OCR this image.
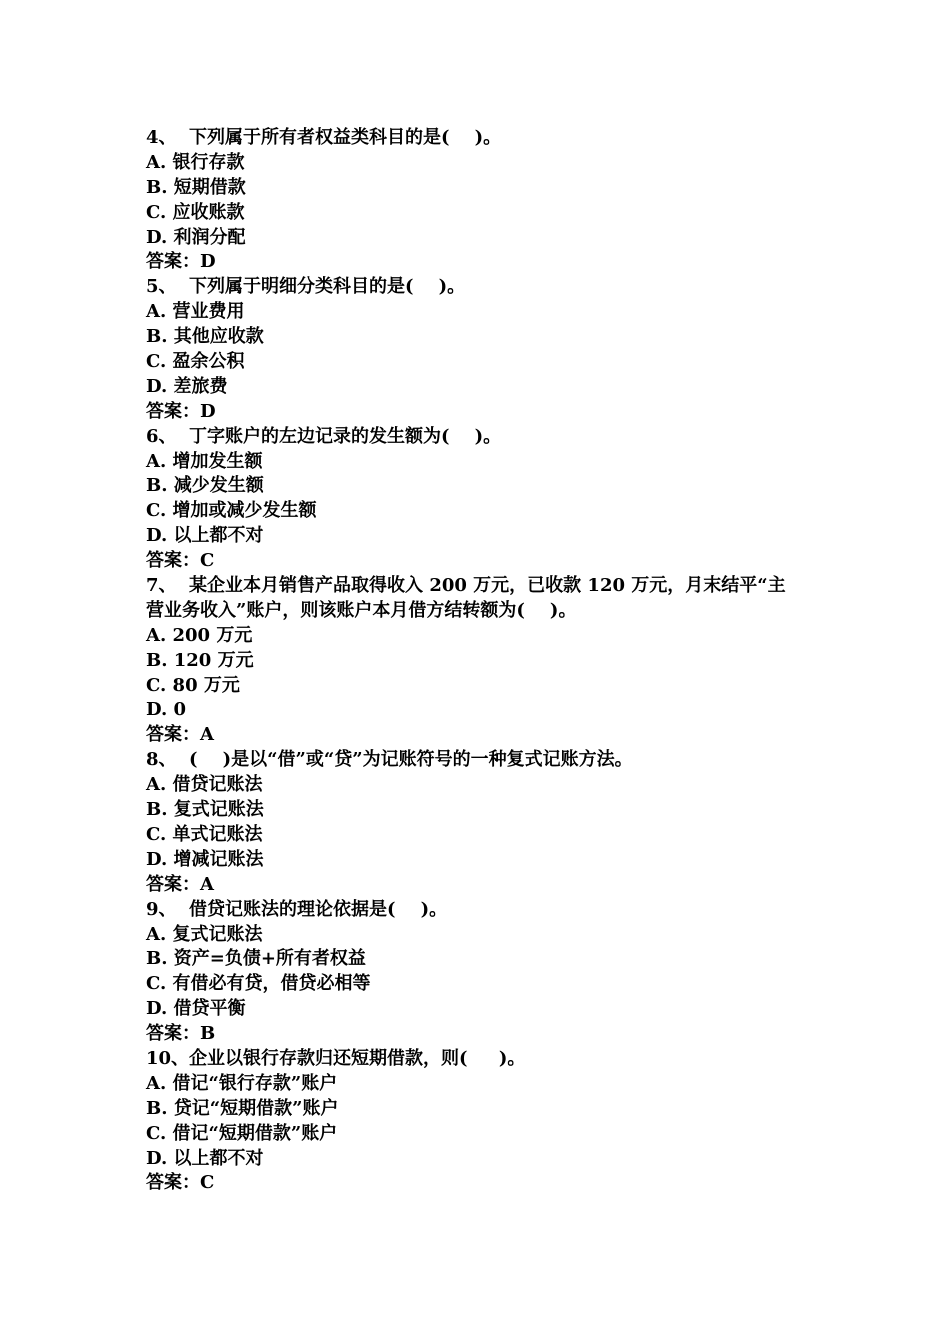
4、  下列属于所有者权益类科目的是(    )。
A. 银行存款
B. 短期借款
C. 应收账款
D. 利润分配
答案：D
5、  下列属于明细分类科目的是(    )。
A. 营业费用
B. 其他应收款
C. 盈余公积
D. 差旅费
答案：D
6、  丁字账户的左边记录的发生额为(    )。
A. 增加发生额
B. 减少发生额
C. 增加或减少发生额
D. 以上都不对
答案：C
7、  某企业本月销售产品取得收入 200 万元，已收款 120 万元，月末结平“主
营业务收入”账户，则该账户本月借方结转额为(    )。
A. 200 万元
B. 120 万元
C. 80 万元
D. 0
答案：A
8、  (    )是以“借”或“贷”为记账符号的一种复式记账方法。
A. 借贷记账法
B. 复式记账法
C. 单式记账法
D. 增减记账法
答案：A
9、  借贷记账法的理论依据是(    )。
A. 复式记账法
B. 资产=负债+所有者权益
C. 有借必有贷，借贷必相等
D. 借贷平衡
答案：B
10、企业以银行存款归还短期借款，则(     )。
A. 借记“银行存款”账户
B. 贷记“短期借款”账户
C. 借记“短期借款”账户
D. 以上都不对
答案：C
